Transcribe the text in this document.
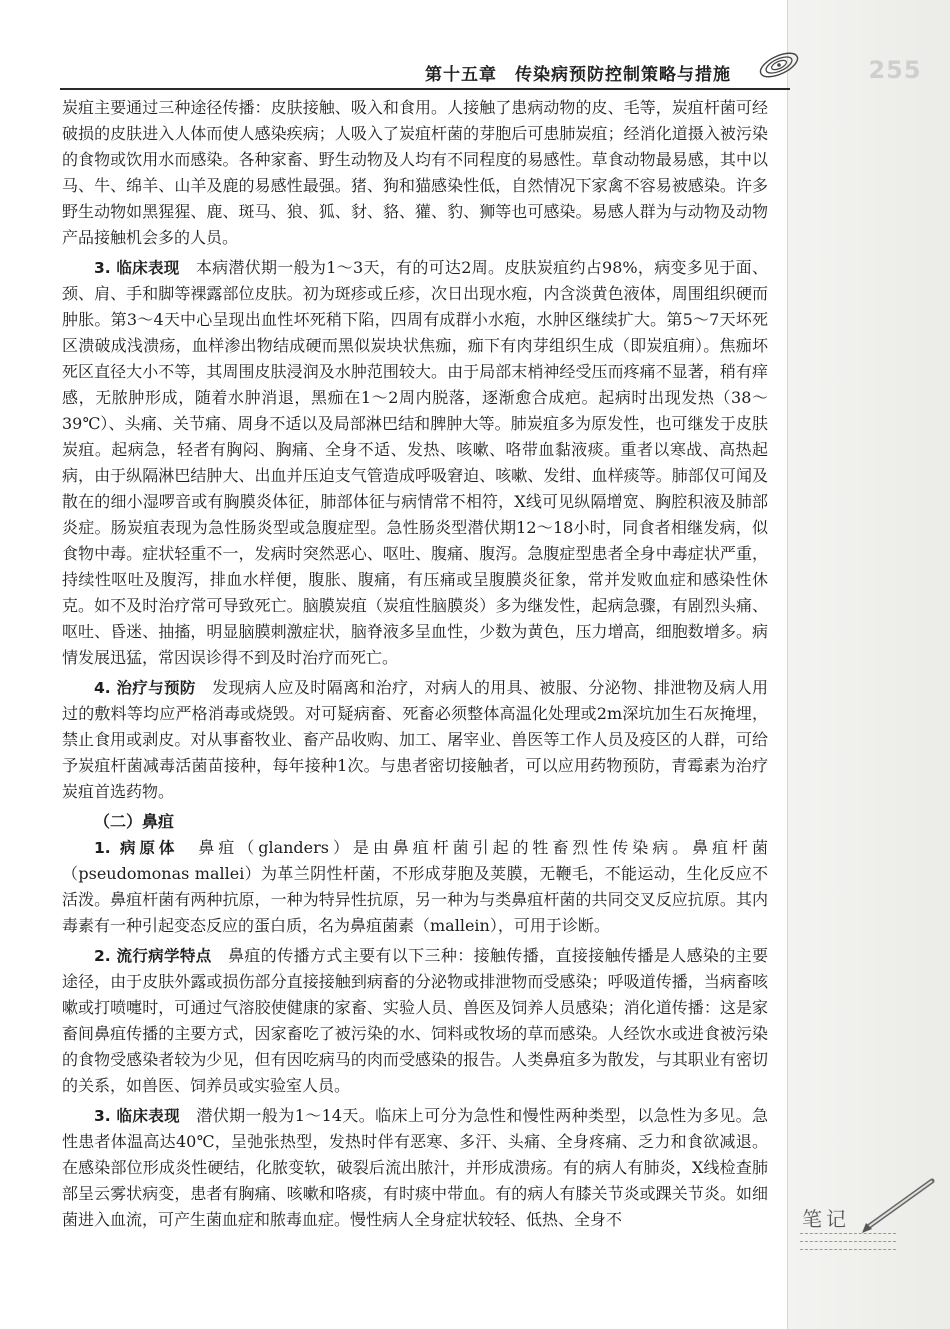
第十五章　传染病预防控制策略与措施	255

炭疽主要通过三种途径传播：皮肤接触、吸入和食用。人接触了患病动物的皮、毛等，炭疽杆菌可经破损的皮肤进入人体而使人感染疾病；人吸入了炭疽杆菌的芽胞后可患肺炭疽；经消化道摄入被污染的食物或饮用水而感染。各种家畜、野生动物及人均有不同程度的易感性。草食动物最易感，其中以马、牛、绵羊、山羊及鹿的易感性最强。猪、狗和猫感染性低，自然情况下家禽不容易被感染。许多野生动物如黑猩猩、鹿、斑马、狼、狐、豺、貉、獾、豹、狮等也可感染。易感人群为与动物及动物产品接触机会多的人员。

3. 临床表现　 本病潜伏期一般为1～3天，有的可达2周。皮肤炭疽约占98%，病变多见于面、颈、肩、手和脚等裸露部位皮肤。初为斑疹或丘疹，次日出现水疱，内含淡黄色液体，周围组织硬而肿胀。第3～4天中心呈现出血性坏死稍下陷，四周有成群小水疱，水肿区继续扩大。第5～7天坏死区溃破成浅溃疡，血样渗出物结成硬而黑似炭块状焦痂，痂下有肉芽组织生成（即炭疽痈）。焦痂坏死区直径大小不等，其周围皮肤浸润及水肿范围较大。由于局部末梢神经受压而疼痛不显著，稍有痒感，无脓肿形成，随着水肿消退，黑痂在1～2周内脱落，逐渐愈合成疤。起病时出现发热（38～39℃）、头痛、关节痛、周身不适以及局部淋巴结和脾肿大等。肺炭疽多为原发性，也可继发于皮肤炭疽。起病急，轻者有胸闷、胸痛、全身不适、发热、咳嗽、咯带血黏液痰。重者以寒战、高热起病，由于纵隔淋巴结肿大、出血并压迫支气管造成呼吸窘迫、咳嗽、发绀、血样痰等。肺部仅可闻及散在的细小湿啰音或有胸膜炎体征，肺部体征与病情常不相符，X线可见纵隔增宽、胸腔积液及肺部炎症。肠炭疽表现为急性肠炎型或急腹症型。急性肠炎型潜伏期12～18小时，同食者相继发病，似食物中毒。症状轻重不一，发病时突然恶心、呕吐、腹痛、腹泻。急腹症型患者全身中毒症状严重，持续性呕吐及腹泻，排血水样便，腹胀、腹痛，有压痛或呈腹膜炎征象，常并发败血症和感染性休克。如不及时治疗常可导致死亡。脑膜炭疽（炭疽性脑膜炎）多为继发性，起病急骤，有剧烈头痛、呕吐、昏迷、抽搐，明显脑膜刺激症状，脑脊液多呈血性，少数为黄色，压力增高，细胞数增多。病情发展迅猛，常因误诊得不到及时治疗而死亡。

4. 治疗与预防　 发现病人应及时隔离和治疗，对病人的用具、被服、分泌物、排泄物及病人用过的敷料等均应严格消毒或烧毁。对可疑病畜、死畜必须整体高温化处理或2m深坑加生石灰掩埋，禁止食用或剥皮。对从事畜牧业、畜产品收购、加工、屠宰业、兽医等工作人员及疫区的人群，可给予炭疽杆菌减毒活菌苗接种，每年接种1次。与患者密切接触者，可以应用药物预防，青霉素为治疗炭疽首选药物。

（二）鼻疽

1. 病原体　 鼻疽（glanders）是由鼻疽杆菌引起的牲畜烈性传染病。鼻疽杆菌（pseudomonas mallei）为革兰阴性杆菌，不形成芽胞及荚膜，无鞭毛，不能运动，生化反应不活泼。鼻疽杆菌有两种抗原，一种为特异性抗原，另一种为与类鼻疽杆菌的共同交叉反应抗原。其内毒素有一种引起变态反应的蛋白质，名为鼻疽菌素（mallein），可用于诊断。

2. 流行病学特点　 鼻疽的传播方式主要有以下三种：接触传播，直接接触传播是人感染的主要途径，由于皮肤外露或损伤部分直接接触到病畜的分泌物或排泄物而受感染；呼吸道传播，当病畜咳嗽或打喷嚏时，可通过气溶胶使健康的家畜、实验人员、兽医及饲养人员感染；消化道传播：这是家畜间鼻疽传播的主要方式，因家畜吃了被污染的水、饲料或牧场的草而感染。人经饮水或进食被污染的食物受感染者较为少见，但有因吃病马的肉而受感染的报告。人类鼻疽多为散发，与其职业有密切的关系，如兽医、饲养员或实验室人员。

3. 临床表现　 潜伏期一般为1～14天。临床上可分为急性和慢性两种类型，以急性为多见。急性患者体温高达40℃，呈弛张热型，发热时伴有恶寒、多汗、头痛、全身疼痛、乏力和食欲减退。在感染部位形成炎性硬结，化脓变软，破裂后流出脓汁，并形成溃疡。有的病人有肺炎，X线检查肺部呈云雾状病变，患者有胸痛、咳嗽和咯痰，有时痰中带血。有的病人有膝关节炎或踝关节炎。如细菌进入血流，可产生菌血症和脓毒血症。慢性病人全身症状较轻、低热、全身不	笔记
